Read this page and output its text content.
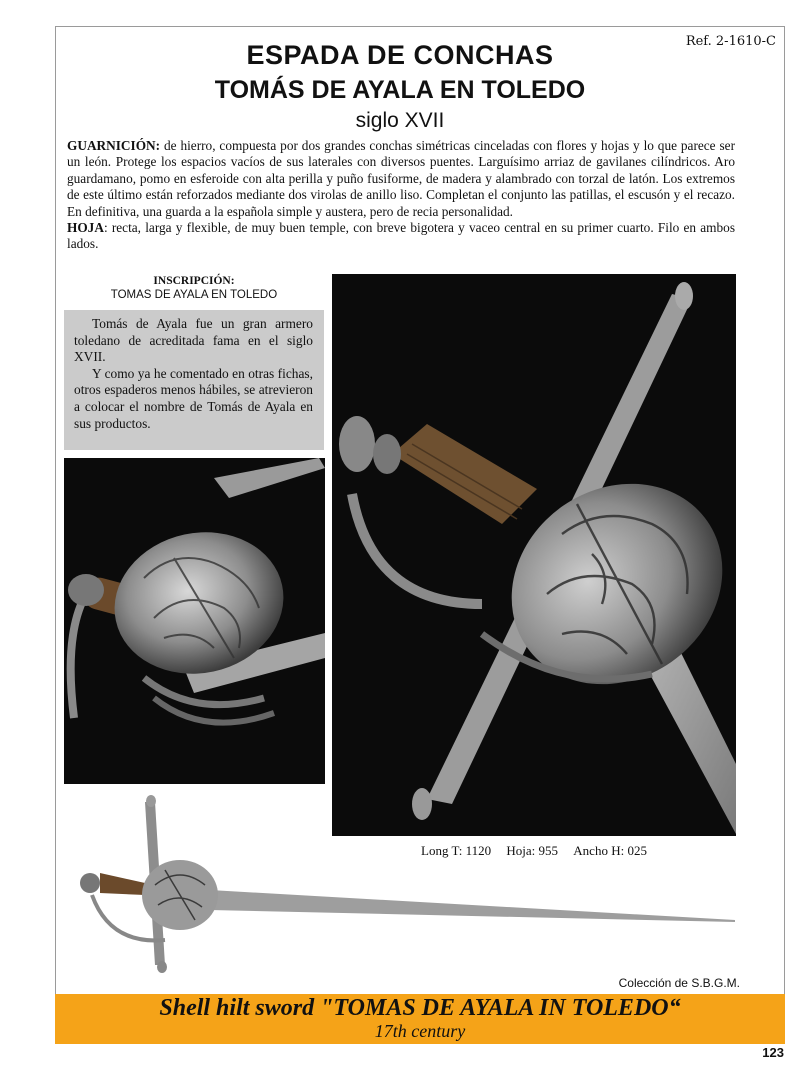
Ref. 2-1610-C
ESPADA DE CONCHAS
TOMÁS DE AYALA EN TOLEDO
siglo XVII

GUARNICIÓN: de hierro, compuesta por dos grandes conchas simétricas cinceladas con flores y hojas y lo que parece ser un león. Protege los espacios vacíos de sus laterales con diversos puentes. Larguísimo arriaz de gavilanes cilíndricos. Aro guardamano, pomo en esferoide con alta perilla y puño fusiforme, de madera y alambrado con torzal de latón. Los extremos de este último están reforzados mediante dos virolas de anillo liso. Completan el conjunto las patillas, el escusón y el recazo. En definitiva, una guarda a la española simple y austera, pero de recia personalidad.

HOJA: recta, larga y flexible, de muy buen temple, con breve bigotera y vaceo central en su primer cuarto. Filo en ambos lados.

INSCRIPCIÓN:
TOMAS DE AYALA EN TOLEDO

Tomás de Ayala fue un gran armero toledano de acreditada fama en el siglo XVII.

Y como ya he comentado en otras fichas, otros espaderos menos hábiles, se atrevieron a colocar el nombre de Tomás de Ayala en sus productos.

Long T: 1120 Hoja: 955 Ancho H: 025
Colección de S.B.G.M.
Shell hilt sword "TOMAS DE AYALA IN TOLEDO“
17th century
123
